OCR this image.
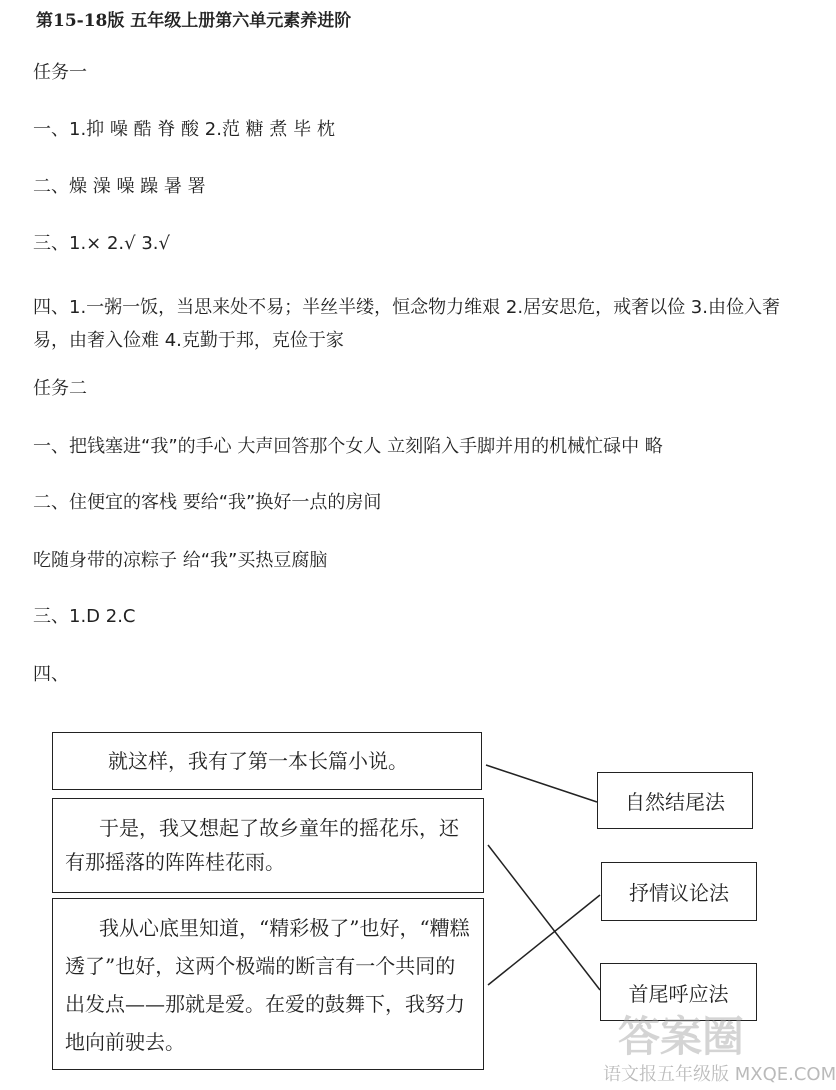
第15-18版 五年级上册第六单元素养进阶
任务一
一、1.抑 噪 酷 脊 酸 2.范 糖 煮 毕 枕
二、燥 澡 噪 躁 暑 署
三、1.× 2.√ 3.√
四、1.一粥一饭，当思来处不易；半丝半缕，恒念物力维艰 2.居安思危，戒奢以俭 3.由俭入奢易，由奢入俭难 4.克勤于邦，克俭于家
任务二
一、把钱塞进“我”的手心 大声回答那个女人 立刻陷入手脚并用的机械忙碌中 略
二、住便宜的客栈 要给“我”换好一点的房间
吃随身带的凉粽子 给“我”买热豆腐脑
三、1.D 2.C
四、
就这样，我有了第一本长篇小说。
于是，我又想起了故乡童年的摇花乐，还有那摇落的阵阵桂花雨。
我从心底里知道，“精彩极了”也好，“糟糕透了”也好，这两个极端的断言有一个共同的出发点——那就是爱。在爱的鼓舞下，我努力地向前驶去。
自然结尾法
抒情议论法
首尾呼应法
答案圈
语文报五年级版 MXQE.COM
